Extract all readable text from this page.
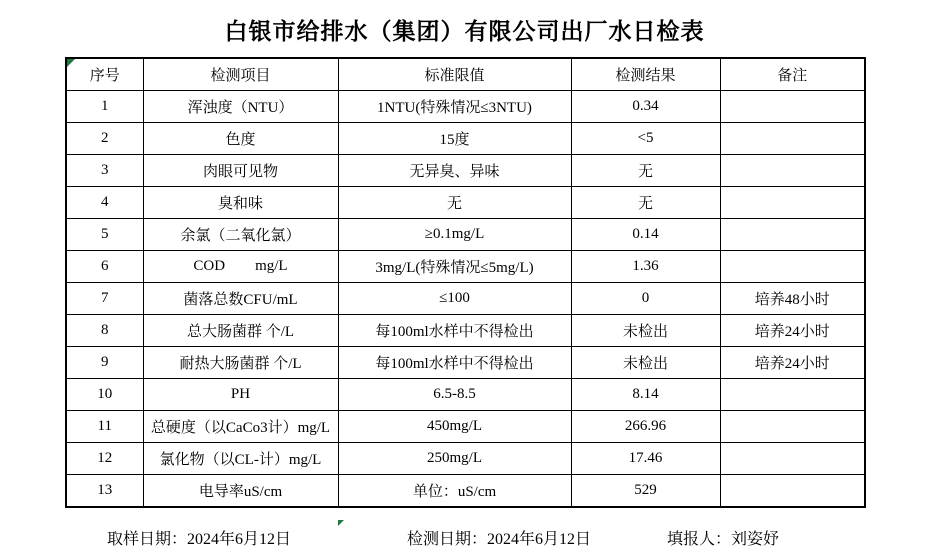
白银市给排水（集团）有限公司出厂水日检表
序号	检测项目	标准限值	检测结果	备注
1	浑浊度（NTU）	1NTU(特殊情况≤3NTU)	0.34	
2	色度	15度	<5	
3	肉眼可见物	无异臭、异味	无	
4	臭和味	无	无	
5	余氯（二氧化氯）	≥0.1mg/L	0.14	
6	COD        mg/L	3mg/L(特殊情况≤5mg/L)	1.36	
7	菌落总数CFU/mL	≤100	0	培养48小时
8	总大肠菌群 个/L	每100ml水样中不得检出	未检出	培养24小时
9	耐热大肠菌群 个/L	每100ml水样中不得检出	未检出	培养24小时
10	PH	6.5-8.5	8.14	
11	总硬度（以CaCo3计）mg/L	450mg/L	266.96	
12	氯化物（以CL-计）mg/L	250mg/L	17.46	
13	电导率uS/cm	单位：uS/cm	529	
取样日期：2024年6月12日	检测日期：2024年6月12日	填报人：刘姿妤
